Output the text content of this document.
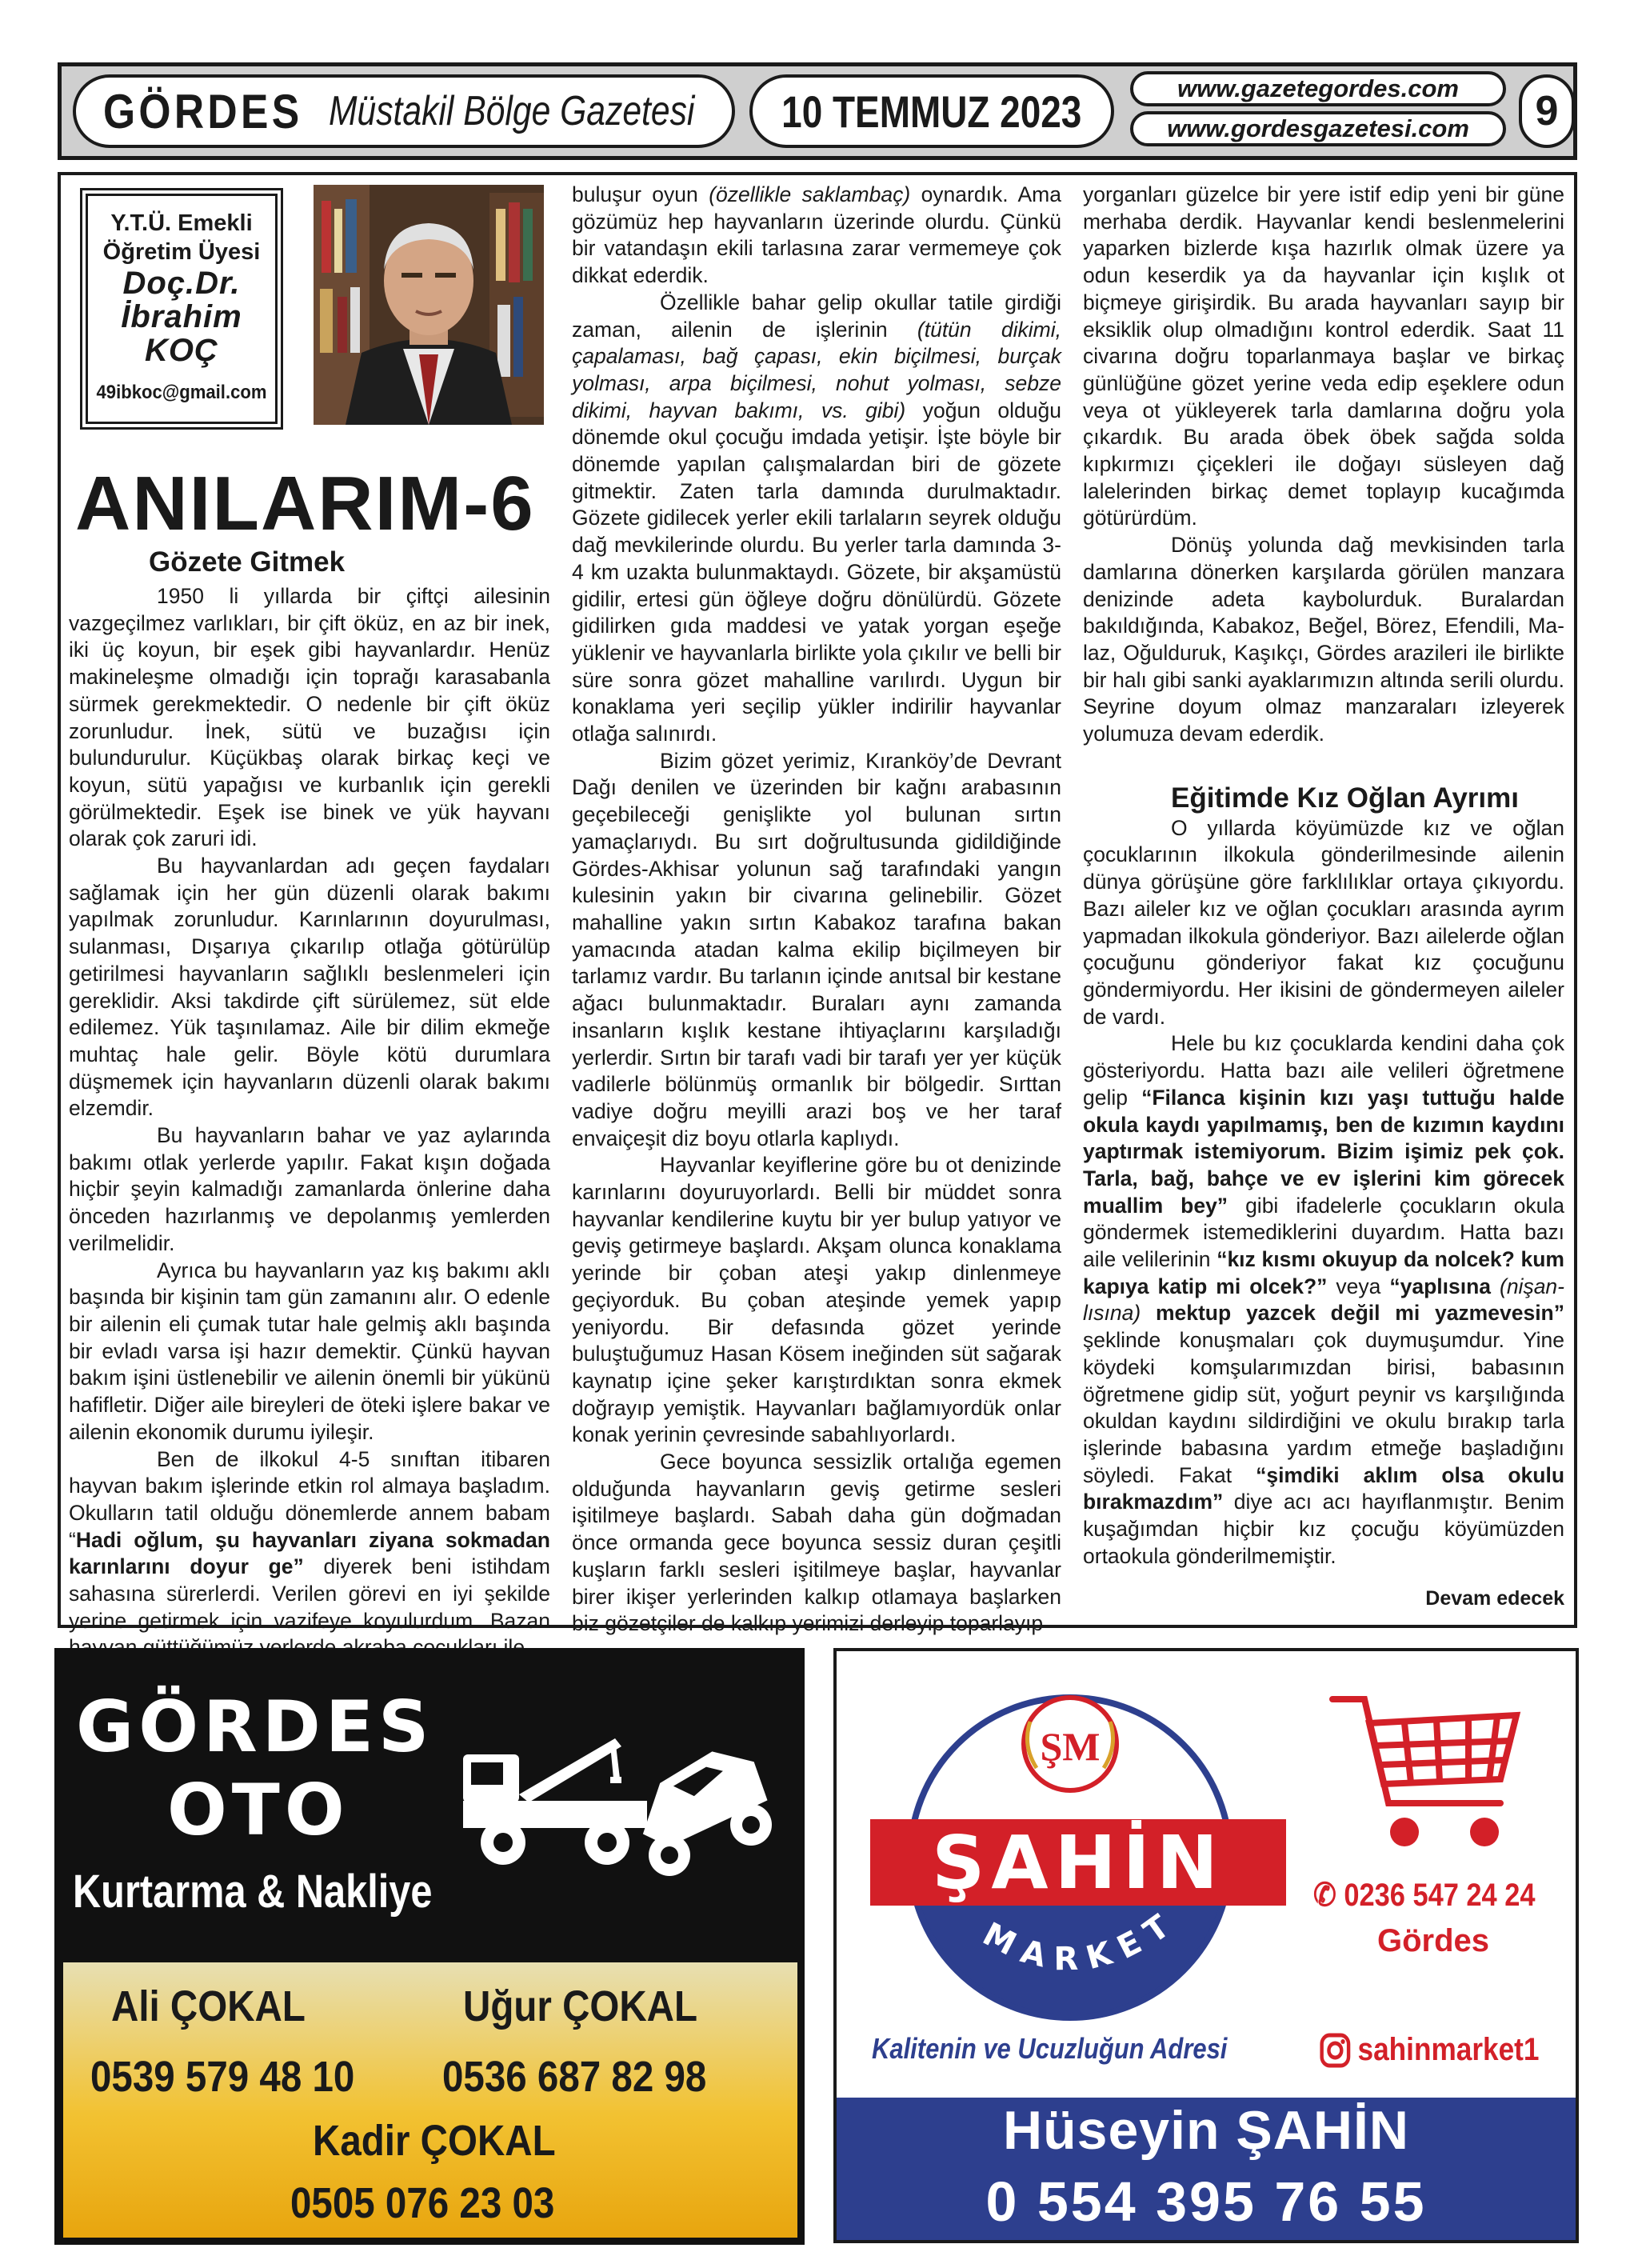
GÖRDES Müstakil Bölge Gazetesi 10 TEMMUZ 2023	www.gazetegordes.com
www.gordesgazetesi.com	9
Y.T.Ü. Emekli
Öğretim Üyesi
Doç.Dr.
İbrahim
KOÇ
49ibkoc@gmail.com
ANILARIM-6
Gözete Gitmek

1950 li yıllarda bir çiftçi ailesinin vazgeçilmez varlıkları, bir çift öküz, en az bir inek, iki üç koyun, bir eşek gibi hayvanlardır. Henüz makineleşme olmadığı için toprağı karasabanla sürmek gerekmektedir. O nedenle bir çift öküz zorunludur. İnek, sütü ve buzağısı için bulundurulur. Küçükbaş olarak birkaç keçi ve koyun, sütü yapağısı ve kurbanlık için gerekli görülmektedir. Eşek ise binek ve yük hayvanı olarak çok zaruri idi.

Bu hayvanlardan adı geçen faydaları sağlamak için her gün düzenli olarak bakımı yapılmak zorunludur. Karınlarının doyurulması, sulanması, Dışarıya çıkarılıp otlağa götürülüp getirilmesi hayvanların sağlıklı beslenmeleri için gereklidir. Aksi takdirde çift sürülemez, süt elde edilemez. Yük taşınılamaz. Aile bir dilim ekmeğe muhtaç hale gelir. Böyle kötü durumlara düşmemek için hayvanların düzenli olarak bakımı elzemdir.

Bu hayvanların bahar ve yaz aylarında bakımı otlak yerlerde yapılır. Fakat kışın doğada hiçbir şeyin kalmadığı zamanlarda önlerine daha önceden hazırlanmış ve depolanmış yemlerden verilmelidir.

Ayrıca bu hayvanların yaz kış bakımı aklı başında bir kişinin tam gün zamanını alır. O edenle bir ailenin eli çumak tutar hale gelmiş aklı başında bir evladı varsa işi hazır demektir. Çünkü hayvan bakım işini üstlenebilir ve ailenin önemli bir yükünü hafifletir. Diğer aile bireyleri de öteki işlere bakar ve ailenin ekonomik durumu iyileşir.

Ben de ilkokul 4-5 sınıftan itibaren hayvan bakım işlerinde etkin rol almaya başladım. Okulların tatil olduğu dönemlerde annem babam “Hadi oğlum, şu hayvanları ziyana sokmadan karınlarını doyur ge” diyerek beni istihdam sahasına sürerlerdi. Verilen görevi en iyi şekilde yerine getirmek için vazifeye koyulurdum. Bazan

buluşur oyun (özellikle saklambaç) oynardık. Ama gözümüz hep hayvanların üzerinde olurdu. Çünkü bir vatandaşın ekili tarlasına zarar vermemeye çok dikkat ederdik.

Özellikle bahar gelip okullar tatile girdiği zaman, ailenin de işlerinin (tütün dikimi, çapalaması, bağ çapası, ekin biçilmesi, burçak yolması, arpa biçilmesi, nohut yolması, sebze dikimi, hayvan bakımı, vs. gibi) yoğun olduğu dönemde okul çocuğu imdada yetişir. İşte böyle bir dönemde yapılan çalışmalardan biri de gözete gitmektir. Zaten tarla damında durulmaktadır. Gözete gidilecek yerler ekili tarlaların seyrek olduğu dağ mevkilerinde olurdu. Bu yerler tarla damında 3-4 km uzakta bulunmaktaydı. Gözete, bir akşamüstü gidilir, ertesi gün öğleye doğru dönülürdü. Gözete gidilirken gıda maddesi ve yatak yorgan eşeğe yüklenir ve hayvanlarla birlikte yola çıkılır ve belli bir süre sonra gözet mahalline varılırdı. Uygun bir konaklama yeri seçilip yükler indirilir hayvanlar otlağa salınırdı.

Bizim gözet yerimiz, Kıranköy’de Devrant Dağı denilen ve üzerinden bir kağnı arabasının geçebileceği genişlikte yol bulunan sırtın yamaçlarıydı. Bu sırt doğrultusunda gidildiğinde Gördes-Akhisar yolunun sağ tarafındaki yangın kulesinin yakın bir civarına gelinebilir. Gözet mahalline yakın sırtın Kabakoz tarafına bakan yamacında atadan kalma ekilip biçilmeyen bir tarlamız vardır. Bu tarlanın içinde anıtsal bir kestane ağacı bulunmaktadır. Buraları aynı zamanda insanların kışlık kestane ihtiyaçlarını karşıladığı yerlerdir. Sırtın bir tarafı vadi bir tarafı yer yer küçük vadilerle bölünmüş ormanlık bir bölgedir. Sırttan vadiye doğru meyilli arazi boş ve her taraf envaiçeşit diz boyu otlarla kaplıydı.

Hayvanlar keyiflerine göre bu ot denizinde karınlarını doyuruyorlardı. Belli bir müddet sonra hayvanlar kendilerine kuytu bir yer bulup yatıyor ve geviş getirmeye başlardı. Akşam olunca konaklama yerinde bir çoban ateşi yakıp dinlenmeye geçiyorduk. Bu çoban ateşinde yemek yapıp yeniyordu. Bir defasında gözet yerinde buluştuğumuz Hasan Kösem ineğinden süt sağarak kaynatıp içine şeker karıştırdıktan sonra ekmek doğrayıp yemiştik. Hayvanları bağlamıyordük onlar konak yerinin çevresinde sabahlıyorlardı.

Gece boyunca sessizlik ortalığa egemen olduğunda hayvanların geviş getirme sesleri işitilmeye başlardı. Sabah daha gün doğmadan önce ormanda gece boyunca sessiz duran çeşitli kuşların farklı sesleri işitilmeye başlar, hayvanlar birer ikişer yerlerinden kalkıp otlamaya başlarken biz gözetçiler de kalkıp yerimizi derleyip toparlayıp

yorganları güzelce bir yere istif edip yeni bir güne merhaba derdik. Hayvanlar kendi beslenmelerini yaparken bizlerde kışa hazırlık olmak üzere ya odun keserdik ya da hayvanlar için kışlık ot biçmeye girişirdik. Bu arada hayvanları sayıp bir eksiklik olup olmadığını kontrol ederdik. Saat 11 civarına doğru toparlanmaya başlar ve birkaç günlüğüne gözet yerine veda edip eşeklere odun veya ot yükleyerek tarla damlarına doğru yola çıkardık. Bu arada öbek öbek sağda solda kıpkırmızı çiçekleri ile doğayı süsleyen dağ lalelerinden birkaç demet toplayıp kucağımda götürürdüm.

Dönüş yolunda dağ mevkisinden tarla damlarına dönerken karşılarda görülen manzara denizinde adeta kaybolurduk. Buralardan bakıldığında, Kabakoz, Beğel, Börez, Efendili, Ma-laz, Oğulduruk, Kaşıkçı, Gördes arazileri ile birlikte bir halı gibi sanki ayaklarımızın altında serili olurdu. Seyrine doyum olmaz manzaraları izleyerek yolumuza devam ederdik.

Eğitimde Kız Oğlan Ayrımı

O yıllarda köyümüzde kız ve oğlan çocuklarının ilkokula gönderilmesinde ailenin dünya görüşüne göre farklılıklar ortaya çıkıyordu. Bazı aileler kız ve oğlan çocukları arasında ayrım yapmadan ilkokula gönderiyor. Bazı ailelerde oğlan çocuğunu gönderiyor fakat kız çocuğunu göndermiyordu. Her ikisini de göndermeyen aileler de vardı.

Hele bu kız çocuklarda kendini daha çok gösteriyordu. Hatta bazı aile velileri öğretmene gelip “Filanca kişinin kızı yaşı tuttuğu halde okula kaydı yapılmamış, ben de kızımın kaydını yaptırmak istemiyorum. Bizim işimiz pek çok. Tarla, bağ, bahçe ve ev işlerini kim görecek muallim bey” gibi ifadelerle çocukların okula göndermek istemediklerini duyardım. Hatta bazı aile velilerinin “kız kısmı okuyup da nolcek? kum kapıya katip mi olcek?” veya “yaplısına (nişan-lısına) mektup yazcek değil mi yazmevesin” şeklinde konuşmaları çok duymuşumdur. Yine köydeki komşularımızdan birisi, babasının öğretmene gidip süt, yoğurt peynir vs karşılığında okuldan kaydını sildirdiğini ve okulu bırakıp tarla işlerinde babasına yardım etmeğe başladığını söyledi. Fakat “şimdiki aklım olsa okulu bırakmazdım” diye acı acı hayıflanmıştır. Benim kuşağımdan hiçbir kız çocuğu köyümüzden ortaokula gönderilmemiştir.

Devam edecek
GÖRDES
OTO
Kurtarma & Nakliye
Ali ÇOKAL	Uğur ÇOKAL
0539 579 48 10 0536 687 82 98
Kadir ÇOKAL
0505 076 23 03
ŞM
ŞAHİN
MARKET
Kalitenin ve Ucuzluğun Adresi
✆ 0236 547 24 24
Gördes
sahinmarket1
Hüseyin ŞAHİN
0 554 395 76 55
